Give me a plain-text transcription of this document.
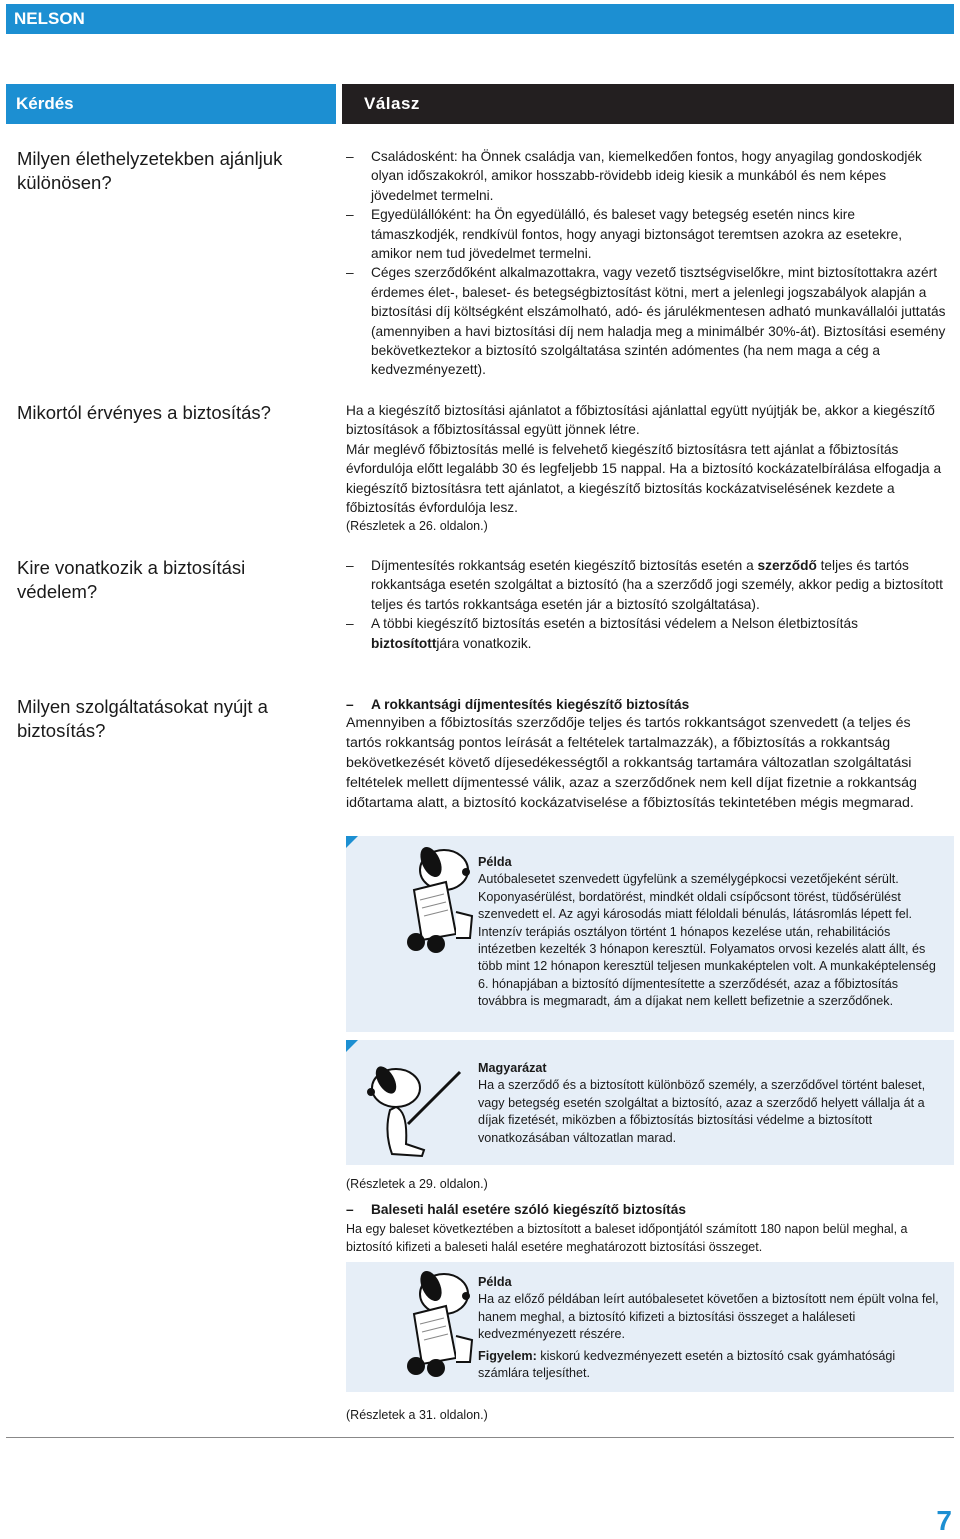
NELSON
Kérdés	Válasz
Milyen élethelyzetekben ajánljuk különösen?
– Családosként: ha Önnek családja van, kiemelkedően fontos, hogy anyagilag gondoskodjék olyan időszakokról, amikor hosszabb-rövidebb ideig kiesik a munkából és nem képes jövedelmet termelni.
– Egyedülállóként: ha Ön egyedülálló, és baleset vagy betegség esetén nincs kire támaszkodjék, rendkívül fontos, hogy anyagi biztonságot teremtsen azokra az esetekre, amikor nem tud jövedelmet termelni.
– Céges szerződőként alkalmazottakra, vagy vezető tisztségviselőkre, mint biztosítottakra azért érdemes élet-, baleset- és betegségbiztosítást kötni, mert a jelenlegi jogszabályok alapján a biztosítási díj költségként elszámolható, adó- és járulékmentesen adható munkavállalói juttatás (amennyiben a havi biztosítási díj nem haladja meg a minimálbér 30%-át). Biztosítási esemény bekövetkeztekor a biztosító szolgáltatása szintén adómentes (ha nem maga a cég a kedvezményezett).
Mikortól érvényes a biztosítás?	Ha a kiegészítő biztosítási ajánlatot a főbiztosítási ajánlattal együtt nyújtják be, akkor a kiegészítő biztosítások a főbiztosítással együtt jönnek létre.
Már meglévő főbiztosítás mellé is felvehető kiegészítő biztosításra tett ajánlat a főbiztosítás évfordulója előtt legalább 30 és legfeljebb 15 nappal. Ha a biztosító kockázatelbírálása elfogadja a kiegészítő biztosításra tett ajánlatot, a kiegészítő biztosítás kockázatviselésének kezdete a főbiztosítás évfordulója lesz.
(Részletek a 26. oldalon.)
Kire vonatkozik a biztosítási védelem?
– Díjmentesítés rokkantság esetén kiegészítő biztosítás esetén a szerződő teljes és tartós rokkantsága esetén szolgáltat a biztosító (ha a szerződő jogi személy, akkor pedig a biztosított teljes és tartós rokkantsága esetén jár a biztosító szolgáltatása).
– A többi kiegészítő biztosítás esetén a biztosítási védelem a Nelson életbiztosítás biztosítottjára vonatkozik.
Milyen szolgáltatásokat nyújt a biztosítás?
– A rokkantsági díjmentesítés kiegészítő biztosítás
Amennyiben a főbiztosítás szerződője teljes és tartós rokkantságot szenvedett (a teljes és tartós rokkantság pontos leírását a feltételek tartalmazzák), a főbiztosítás a rokkantság bekövetkezését követő díjesedékességtől a rokkantság tartamára változatlan szolgáltatási feltételek mellett díjmentessé válik, azaz a szerződőnek nem kell díjat fizetnie a rokkantság időtartama alatt, a biztosító kockázatviselése a főbiztosítás tekintetében mégis megmarad.
Példa
Autóbalesetet szenvedett ügyfelünk a személygépkocsi vezetőjeként sérült. Koponyasérülést, bordatörést, mindkét oldali csípőcsont törést, tüdősérülést szenvedett el. Az agyi károsodás miatt féloldali bénulás, látásromlás lépett fel. Intenzív terápiás osztályon történt 1 hónapos kezelése után, rehabilitációs intézetben kezelték 3 hónapon keresztül. Folyamatos orvosi kezelés alatt állt, és több mint 12 hónapon keresztül teljesen munkaképtelen volt. A munkaképtelenség 6. hónapjában a biztosító díjmentesítette a szerződését, azaz a főbiztosítás továbbra is megmaradt, ám a díjakat nem kellett befizetnie a szerződőnek.
Magyarázat
Ha a szerződő és a biztosított különböző személy, a szerződővel történt baleset, vagy betegség esetén szolgáltat a biztosító, azaz a szerződő helyett vállalja át a díjak fizetését, miközben a főbiztosítás biztosítási védelme a biztosított vonatkozásában változatlan marad.
(Részletek a 29. oldalon.)
– Baleseti halál esetére szóló kiegészítő biztosítás
Ha egy baleset következtében a biztosított a baleset időpontjától számított 180 napon belül meghal, a biztosító kifizeti a baleseti halál esetére meghatározott biztosítási összeget.
Példa
Ha az előző példában leírt autóbalesetet követően a biztosított nem épült volna fel, hanem meghal, a biztosító kifizeti a biztosítási összeget a haláleseti kedvezményezett részére.
Figyelem: kiskorú kedvezményezett esetén a biztosító csak gyámhatósági számlára teljesíthet.
(Részletek a 31. oldalon.)
7
